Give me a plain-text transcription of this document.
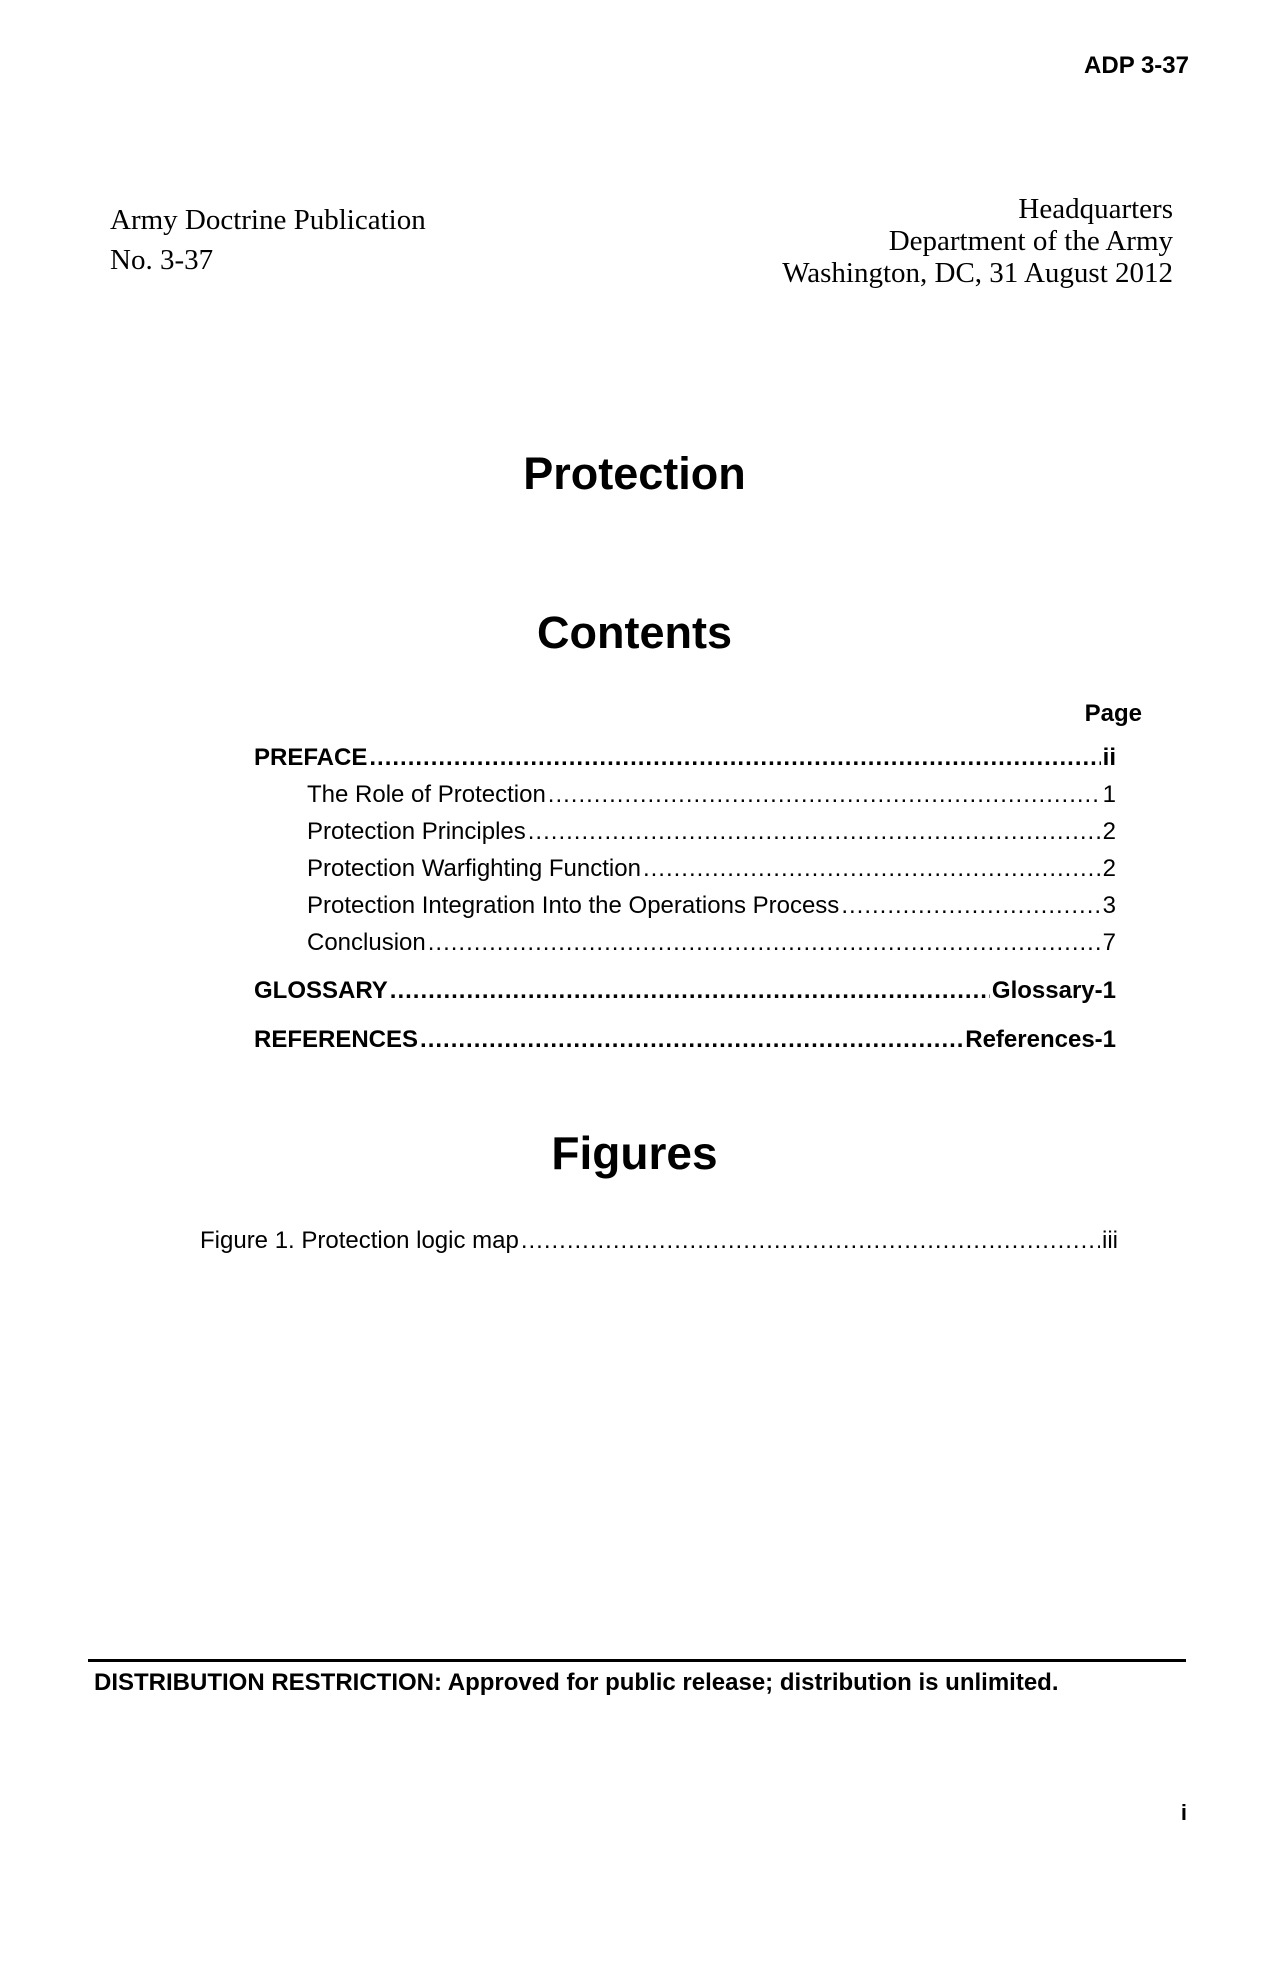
ADP 3-37
Army Doctrine Publication
No. 3-37
Headquarters
Department of the Army
Washington, DC, 31 August 2012
Protection
Contents
Page
PREFACE .....	ii
The Role of Protection .....	1
Protection Principles .....	2
Protection Warfighting Function .....	2
Protection Integration Into the Operations Process .....	3
Conclusion .....	7
GLOSSARY .....	Glossary-1
REFERENCES .....	References-1
Figures
Figure 1. Protection logic map .....	iii
DISTRIBUTION RESTRICTION: Approved for public release; distribution is unlimited.
i
